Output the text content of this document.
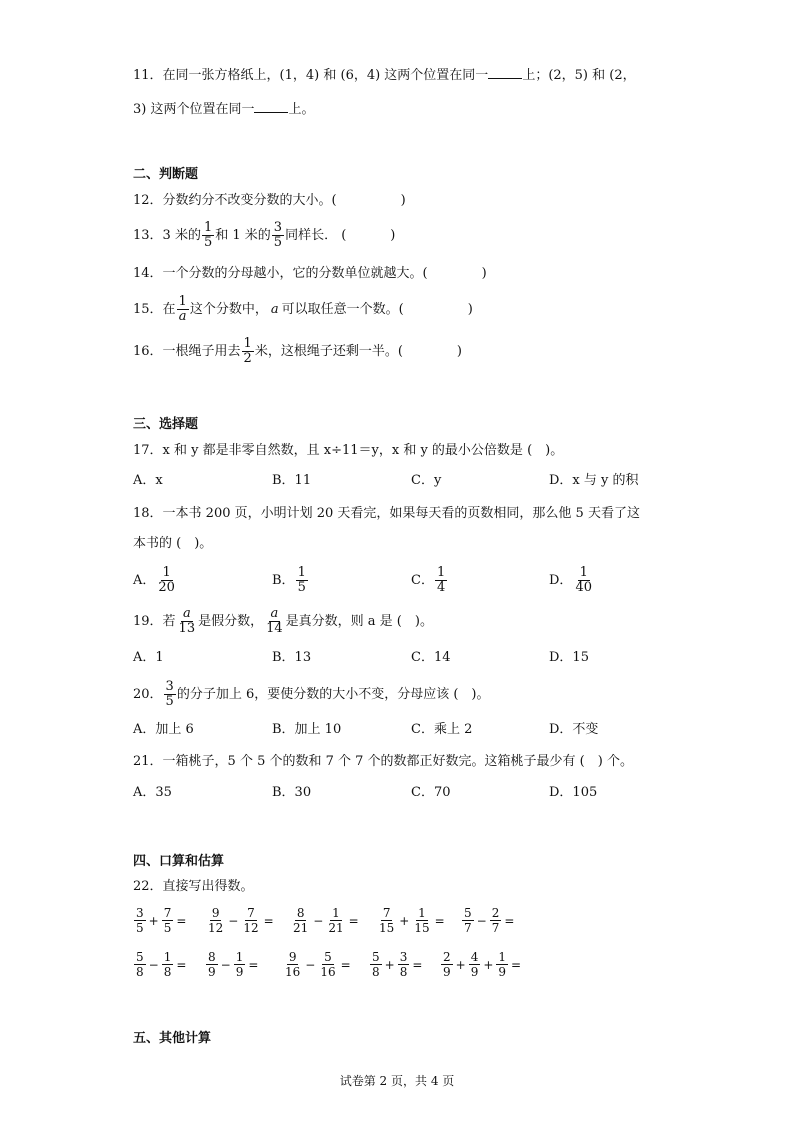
11．在同一张方格纸上，(1，4) 和 (6，4) 这两个位置在同一	上；(2，5) 和 (2，
3) 这两个位置在同一	上。
二、判断题
12．分数约分不改变分数的大小。(	)
13．3 米的 1
5 和 1 米的 3
5 同样长． (	)
14．一个分数的分母越小，它的分数单位就越大。(	)
15．在 1
a 这个分数中， a 可以取任意一个数。(	)
16．一根绳子用去 1
2 米，这根绳子还剩一半。(	)
三、选择题
17．x 和 y 都是非零自然数，且 x÷11＝y，x 和 y 的最小公倍数是 (　)。
A．x	B．11	C．y	D．x 与 y 的积
18．一本书 200 页，小明计划 20 天看完，如果每天看的页数相同，那么他 5 天看了这
本书的 (　)。
A． 1
20	B． 1
5	C． 1
4	D． 1
40
19．若 a
13 是假分数， a
14 是真分数，则 a 是 (　)。
A．1	B．13	C．14	D．15
20． 3
5 的分子加上 6，要使分数的大小不变，分母应该 (　)。
A．加上 6	B．加上 10	C．乘上 2	D．不变
21．一箱桃子，5 个 5 个的数和 7 个 7 个的数都正好数完。这箱桃子最少有 (　) 个。
A．35	B．30	C．70	D．105
四、口算和估算
22．直接写出得数。
3
5
+ $\frac{7}{5}$ =
9
12
− $\frac{7}{12}$ =
8
21
− $\frac{1}{21}$ =
7
15
+ $\frac{1}{15}$ =
5
7
− $\frac{2}{7}$ =
5
8
− $\frac{1}{8}$ =
8
9
− $\frac{1}{9}$ =
9
16
− $\frac{5}{16}$ =
5
8
+ $\frac{3}{8}$ =
2
9
+ $\frac{4}{9} + \frac{1}{9}$ =
五、其他计算
试卷第 2 页，共 4 页
